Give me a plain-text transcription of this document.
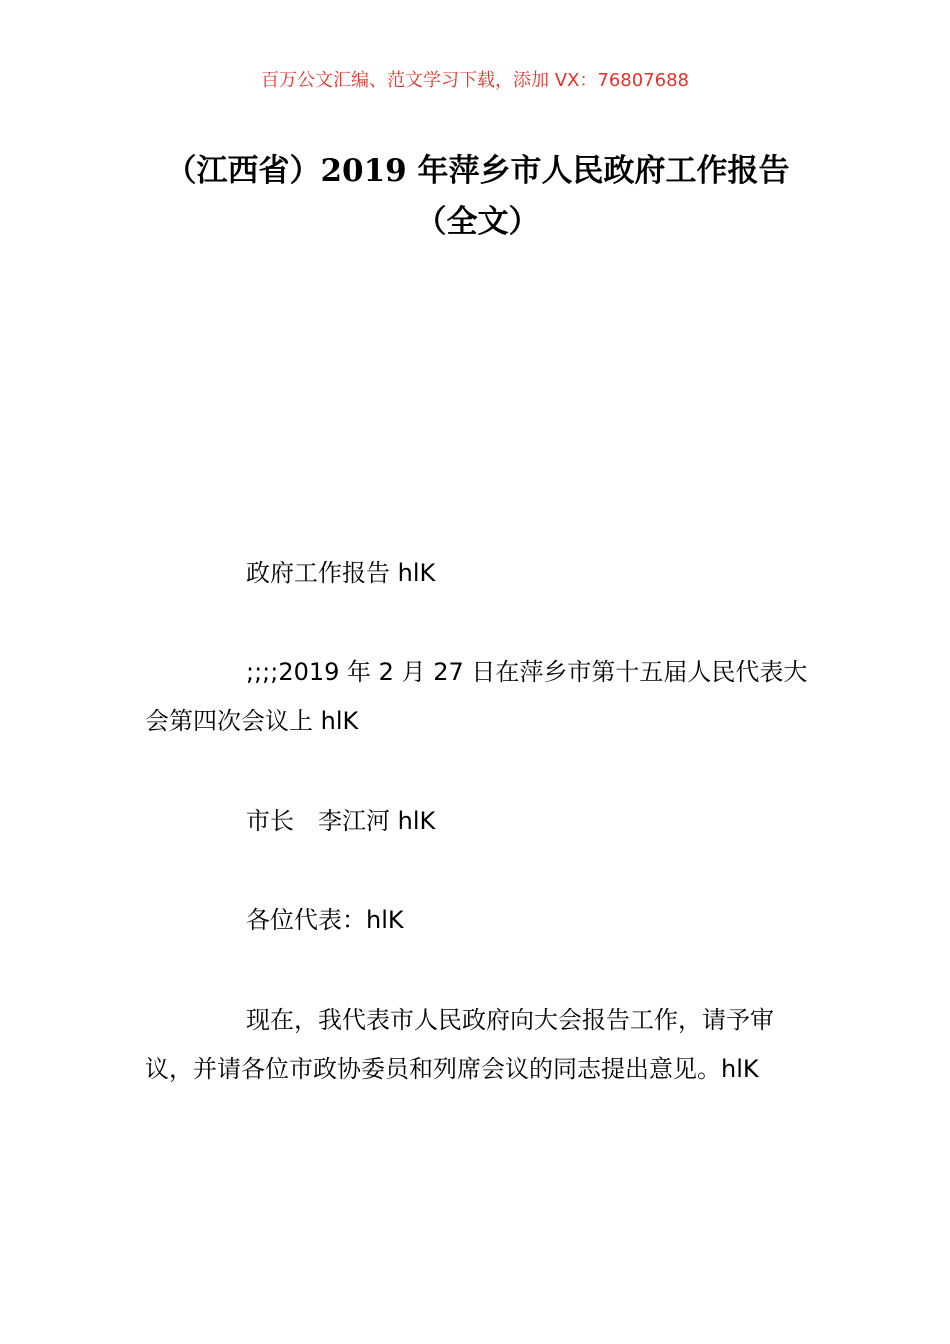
百万公文汇编、范文学习下载，添加 VX：76807688
（江西省）2019 年萍乡市人民政府工作报告（全文）

政府工作报告 hlK

;;;;2019 年 2 月 27 日在萍乡市第十五届人民代表大会第四次会议上 hlK

市长　李江河 hlK

各位代表：hlK

现在，我代表市人民政府向大会报告工作，请予审议，并请各位市政协委员和列席会议的同志提出意见。hlK
